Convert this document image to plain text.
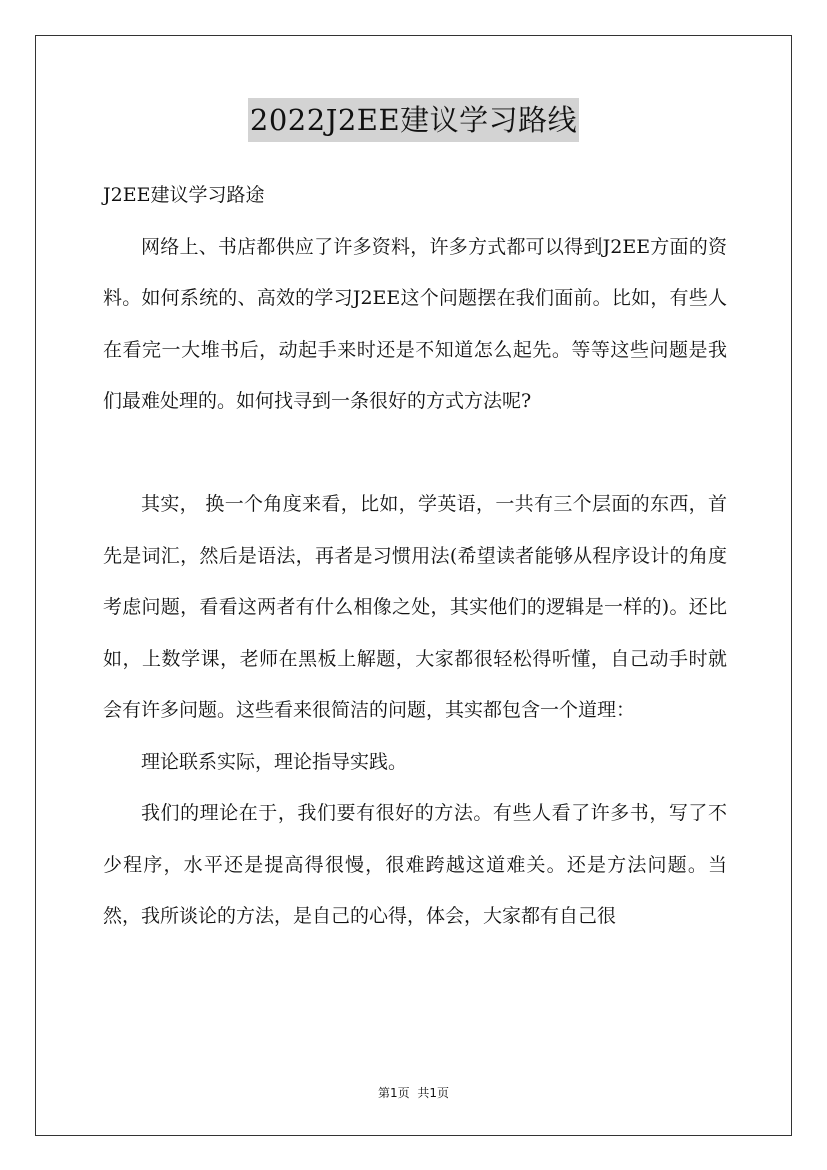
2022J2EE建议学习路线

J2EE建议学习路途

网络上、书店都供应了许多资料，许多方式都可以得到J2EE方面的资料。如何系统的、高效的学习J2EE这个问题摆在我们面前。比如，有些人在看完一大堆书后，动起手来时还是不知道怎么起先。等等这些问题是我们最难处理的。如何找寻到一条很好的方式方法呢?

其实， 换一个角度来看，比如，学英语，一共有三个层面的东西，首先是词汇，然后是语法，再者是习惯用法(希望读者能够从程序设计的角度考虑问题，看看这两者有什么相像之处，其实他们的逻辑是一样的)。还比如，上数学课，老师在黑板上解题，大家都很轻松得听懂，自己动手时就会有许多问题。这些看来很简洁的问题，其实都包含一个道理：

理论联系实际，理论指导实践。

我们的理论在于，我们要有很好的方法。有些人看了许多书，写了不少程序，水平还是提高得很慢，很难跨越这道难关。还是方法问题。当然，我所谈论的方法，是自己的心得，体会，大家都有自己很

第1页 共1页
